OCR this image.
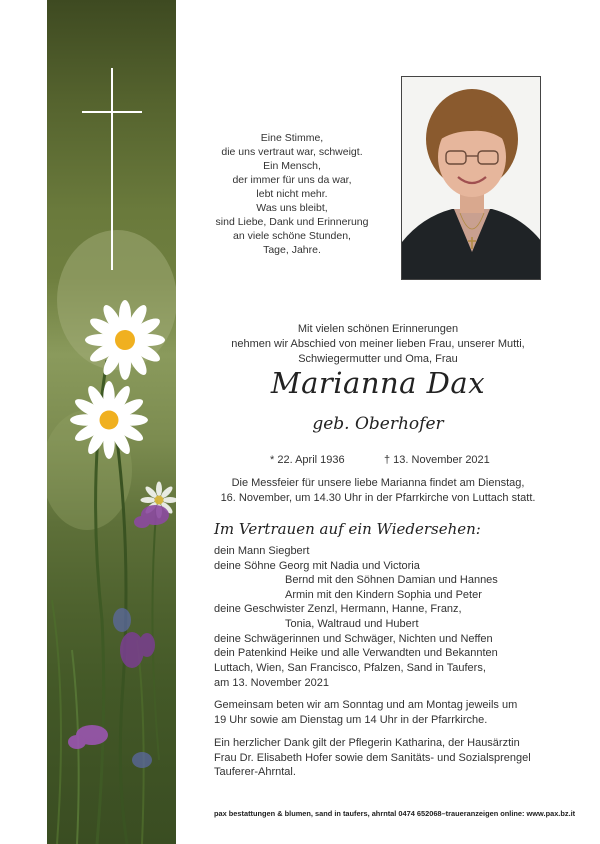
Eine Stimme,
die uns vertraut war, schweigt.
Ein Mensch,
der immer für uns da war,
lebt nicht mehr.
Was uns bleibt,
sind Liebe, Dank und Erinnerung
an viele schöne Stunden,
Tage, Jahre.
Mit vielen schönen Erinnerungen
nehmen wir Abschied von meiner lieben Frau, unserer Mutti,
Schwiegermutter und Oma, Frau
Marianna Dax
geb. Oberhofer
* 22. April 1936	† 13. November 2021
Die Messfeier für unsere liebe Marianna findet am Dienstag,
16. November, um 14.30 Uhr in der Pfarrkirche von Luttach statt.
Im Vertrauen auf ein Wiedersehen:
dein Mann Siegbert
deine Söhne Georg mit Nadia und Victoria
Bernd mit den Söhnen Damian und Hannes
Armin mit den Kindern Sophia und Peter
deine Geschwister Zenzl, Hermann, Hanne, Franz,
Tonia, Waltraud und Hubert
deine Schwägerinnen und Schwäger, Nichten und Neffen
dein Patenkind Heike und alle Verwandten und Bekannten
Luttach, Wien, San Francisco, Pfalzen, Sand in Taufers,
am 13. November 2021
Gemeinsam beten wir am Sonntag und am Montag jeweils um
19 Uhr sowie am Dienstag um 14 Uhr in der Pfarrkirche.
Ein herzlicher Dank gilt der Pflegerin Katharina, der Hausärztin
Frau Dr. Elisabeth Hofer sowie dem Sanitäts- und Sozialsprengel
Tauferer-Ahrntal.
pax bestattungen & blumen, sand in taufers, ahrntal 0474 652068–traueranzeigen online: www.pax.bz.it
